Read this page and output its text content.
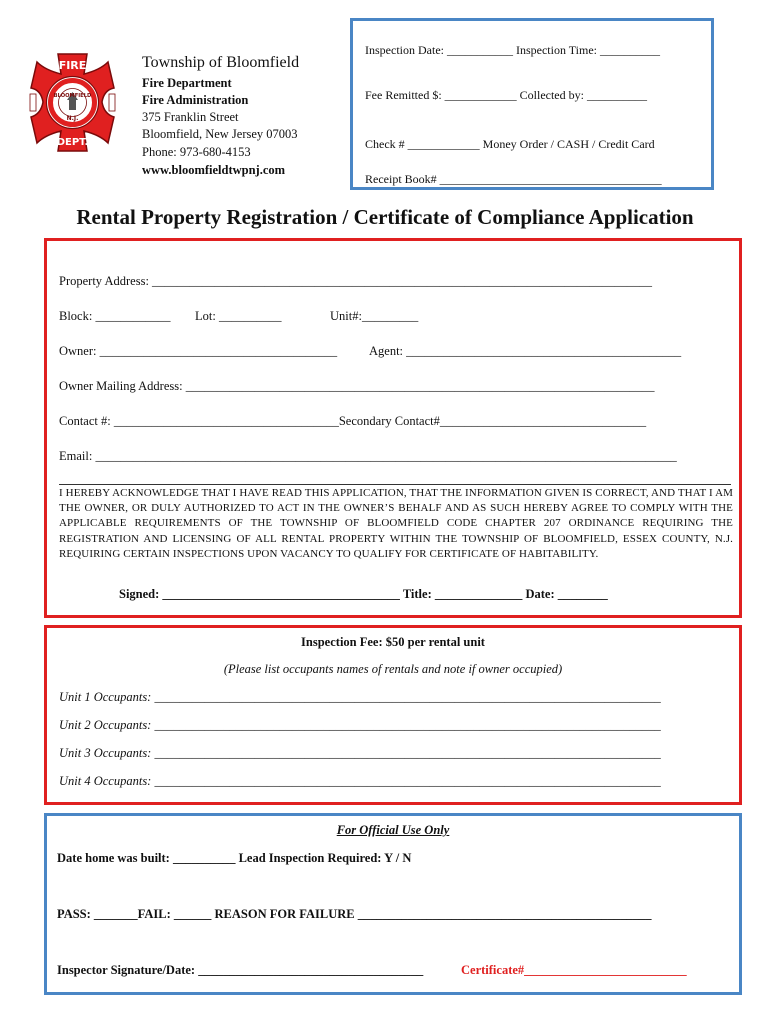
FIRE
BLOOMFIELD
N.J.
DEPT.
Township of Bloomfield
Fire Department
Fire Administration
375 Franklin Street
Bloomfield, New Jersey 07003
Phone: 973-680-4153
www.bloomfieldtwpnj.com
Inspection Date: ___________ Inspection Time: __________
Fee Remitted $: ____________ Collected by: __________
Check # ____________ Money Order / CASH / Credit Card
Receipt Book# _____________________________________
Rental Property Registration / Certificate of Compliance Application
Property Address: ________________________________________________________________________________
Block: ____________ Lot: __________	Unit#:_________
Owner: ______________________________________	Agent: ____________________________________________
Owner Mailing Address: ___________________________________________________________________________
Contact #: ____________________________________Secondary Contact#_________________________________
Email: _____________________________________________________________________________________________
I HEREBY ACKNOWLEDGE THAT I HAVE READ THIS APPLICATION, THAT THE INFORMATION GIVEN IS CORRECT, AND THAT I AM THE OWNER, OR DULY AUTHORIZED TO ACT IN THE OWNER’S BEHALF AND AS SUCH HEREBY AGREE TO COMPLY WITH THE APPLICABLE REQUIREMENTS OF THE TOWNSHIP OF BLOOMFIELD CODE CHAPTER 207 ORDINANCE REQUIRING THE REGISTRATION AND LICENSING OF ALL RENTAL PROPERTY WITHIN THE TOWNSHIP OF BLOOMFIELD, ESSEX COUNTY, N.J. REQUIRING CERTAIN INSPECTIONS UPON VACANCY TO QUALIFY FOR CERTIFICATE OF HABITABILITY.
Signed: ______________________________________ Title: ______________ Date: ________
Inspection Fee: $50 per rental unit
(Please list occupants names of rentals and note if owner occupied)
Unit 1 Occupants: _________________________________________________________________________________
Unit 2 Occupants: _________________________________________________________________________________
Unit 3 Occupants: _________________________________________________________________________________
Unit 4 Occupants: _________________________________________________________________________________
For Official Use Only
Date home was built: __________ Lead Inspection Required: Y / N
PASS: _______FAIL: ______ REASON FOR FAILURE _______________________________________________
Inspector Signature/Date: ____________________________________	Certificate#__________________________
